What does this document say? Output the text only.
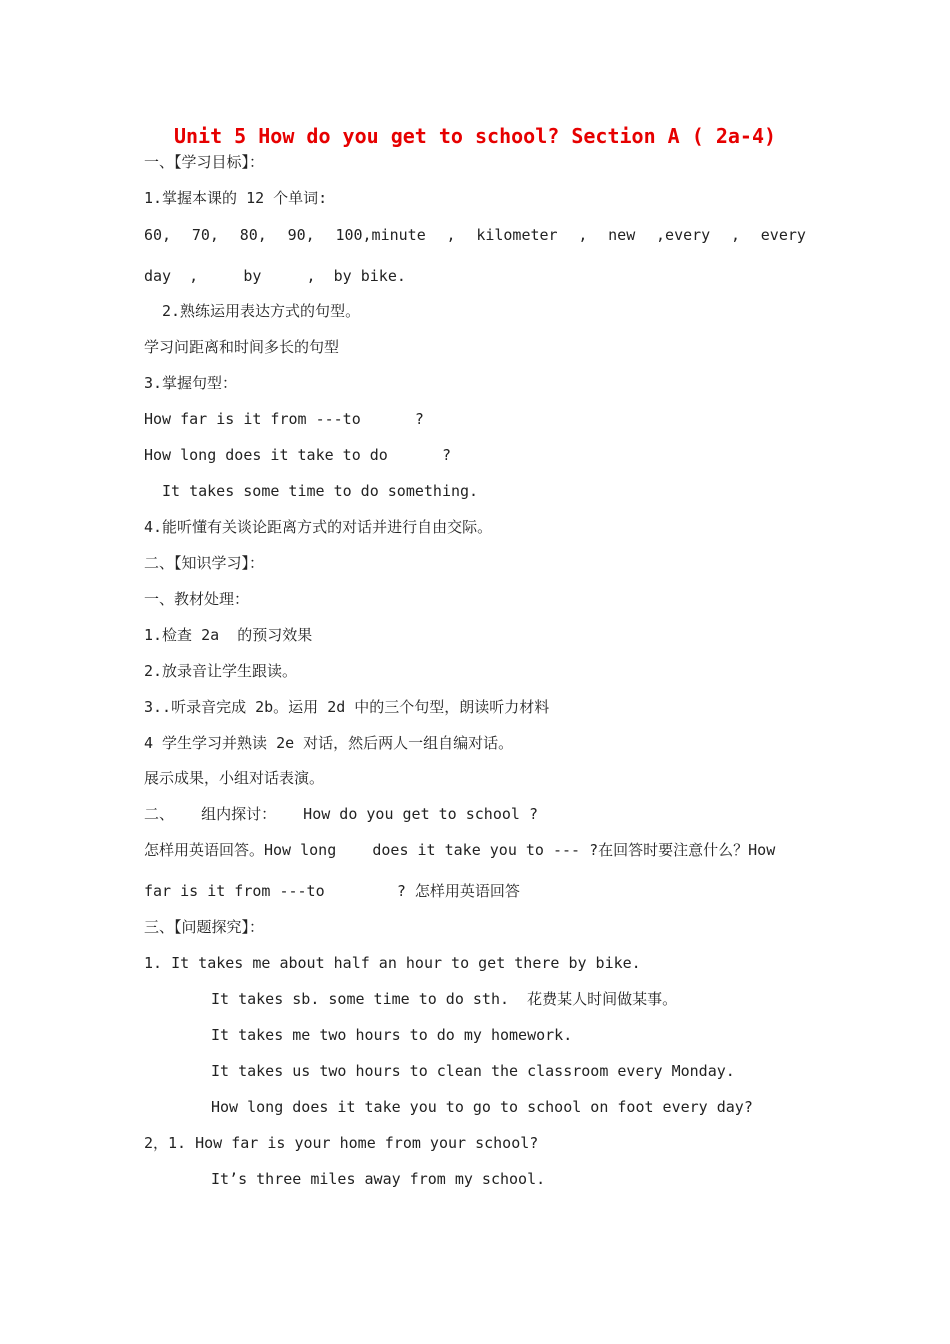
Unit 5 How do you get to school? Section A ( 2a-4)
一、【学习目标】：
1.掌握本课的 12 个单词:
60, 70, 80, 90, 100,minute , kilometer , new ,every , every
day  ,     by     ,  by bike.
2.熟练运用表达方式的句型。
学习问距离和时间多长的句型
3.掌握句型：
How far is it from ---to      ?
How long does it take to do      ?
It takes some time to do something.
4.能听懂有关谈论距离方式的对话并进行自由交际。
二、【知识学习】：
一、教材处理：
1.检查 2a  的预习效果
2.放录音让学生跟读。
3..听录音完成 2b。运用 2d 中的三个句型，朗读听力材料
4 学生学习并熟读 2e 对话，然后两人一组自编对话。
展示成果，小组对话表演。
二、   组内探讨：   How do you get to school ?
怎样用英语回答。How long    does it take you to --- ?在回答时要注意什么？How
far is it from ---to        ? 怎样用英语回答
三、【问题探究】：
1. It takes me about half an hour to get there by bike.
It takes sb. some time to do sth.  花费某人时间做某事。
It takes me two hours to do my homework.
It takes us two hours to clean the classroom every Monday.
How long does it take you to go to school on foot every day?
2，1. How far is your home from your school?
It’s three miles away from my school.
